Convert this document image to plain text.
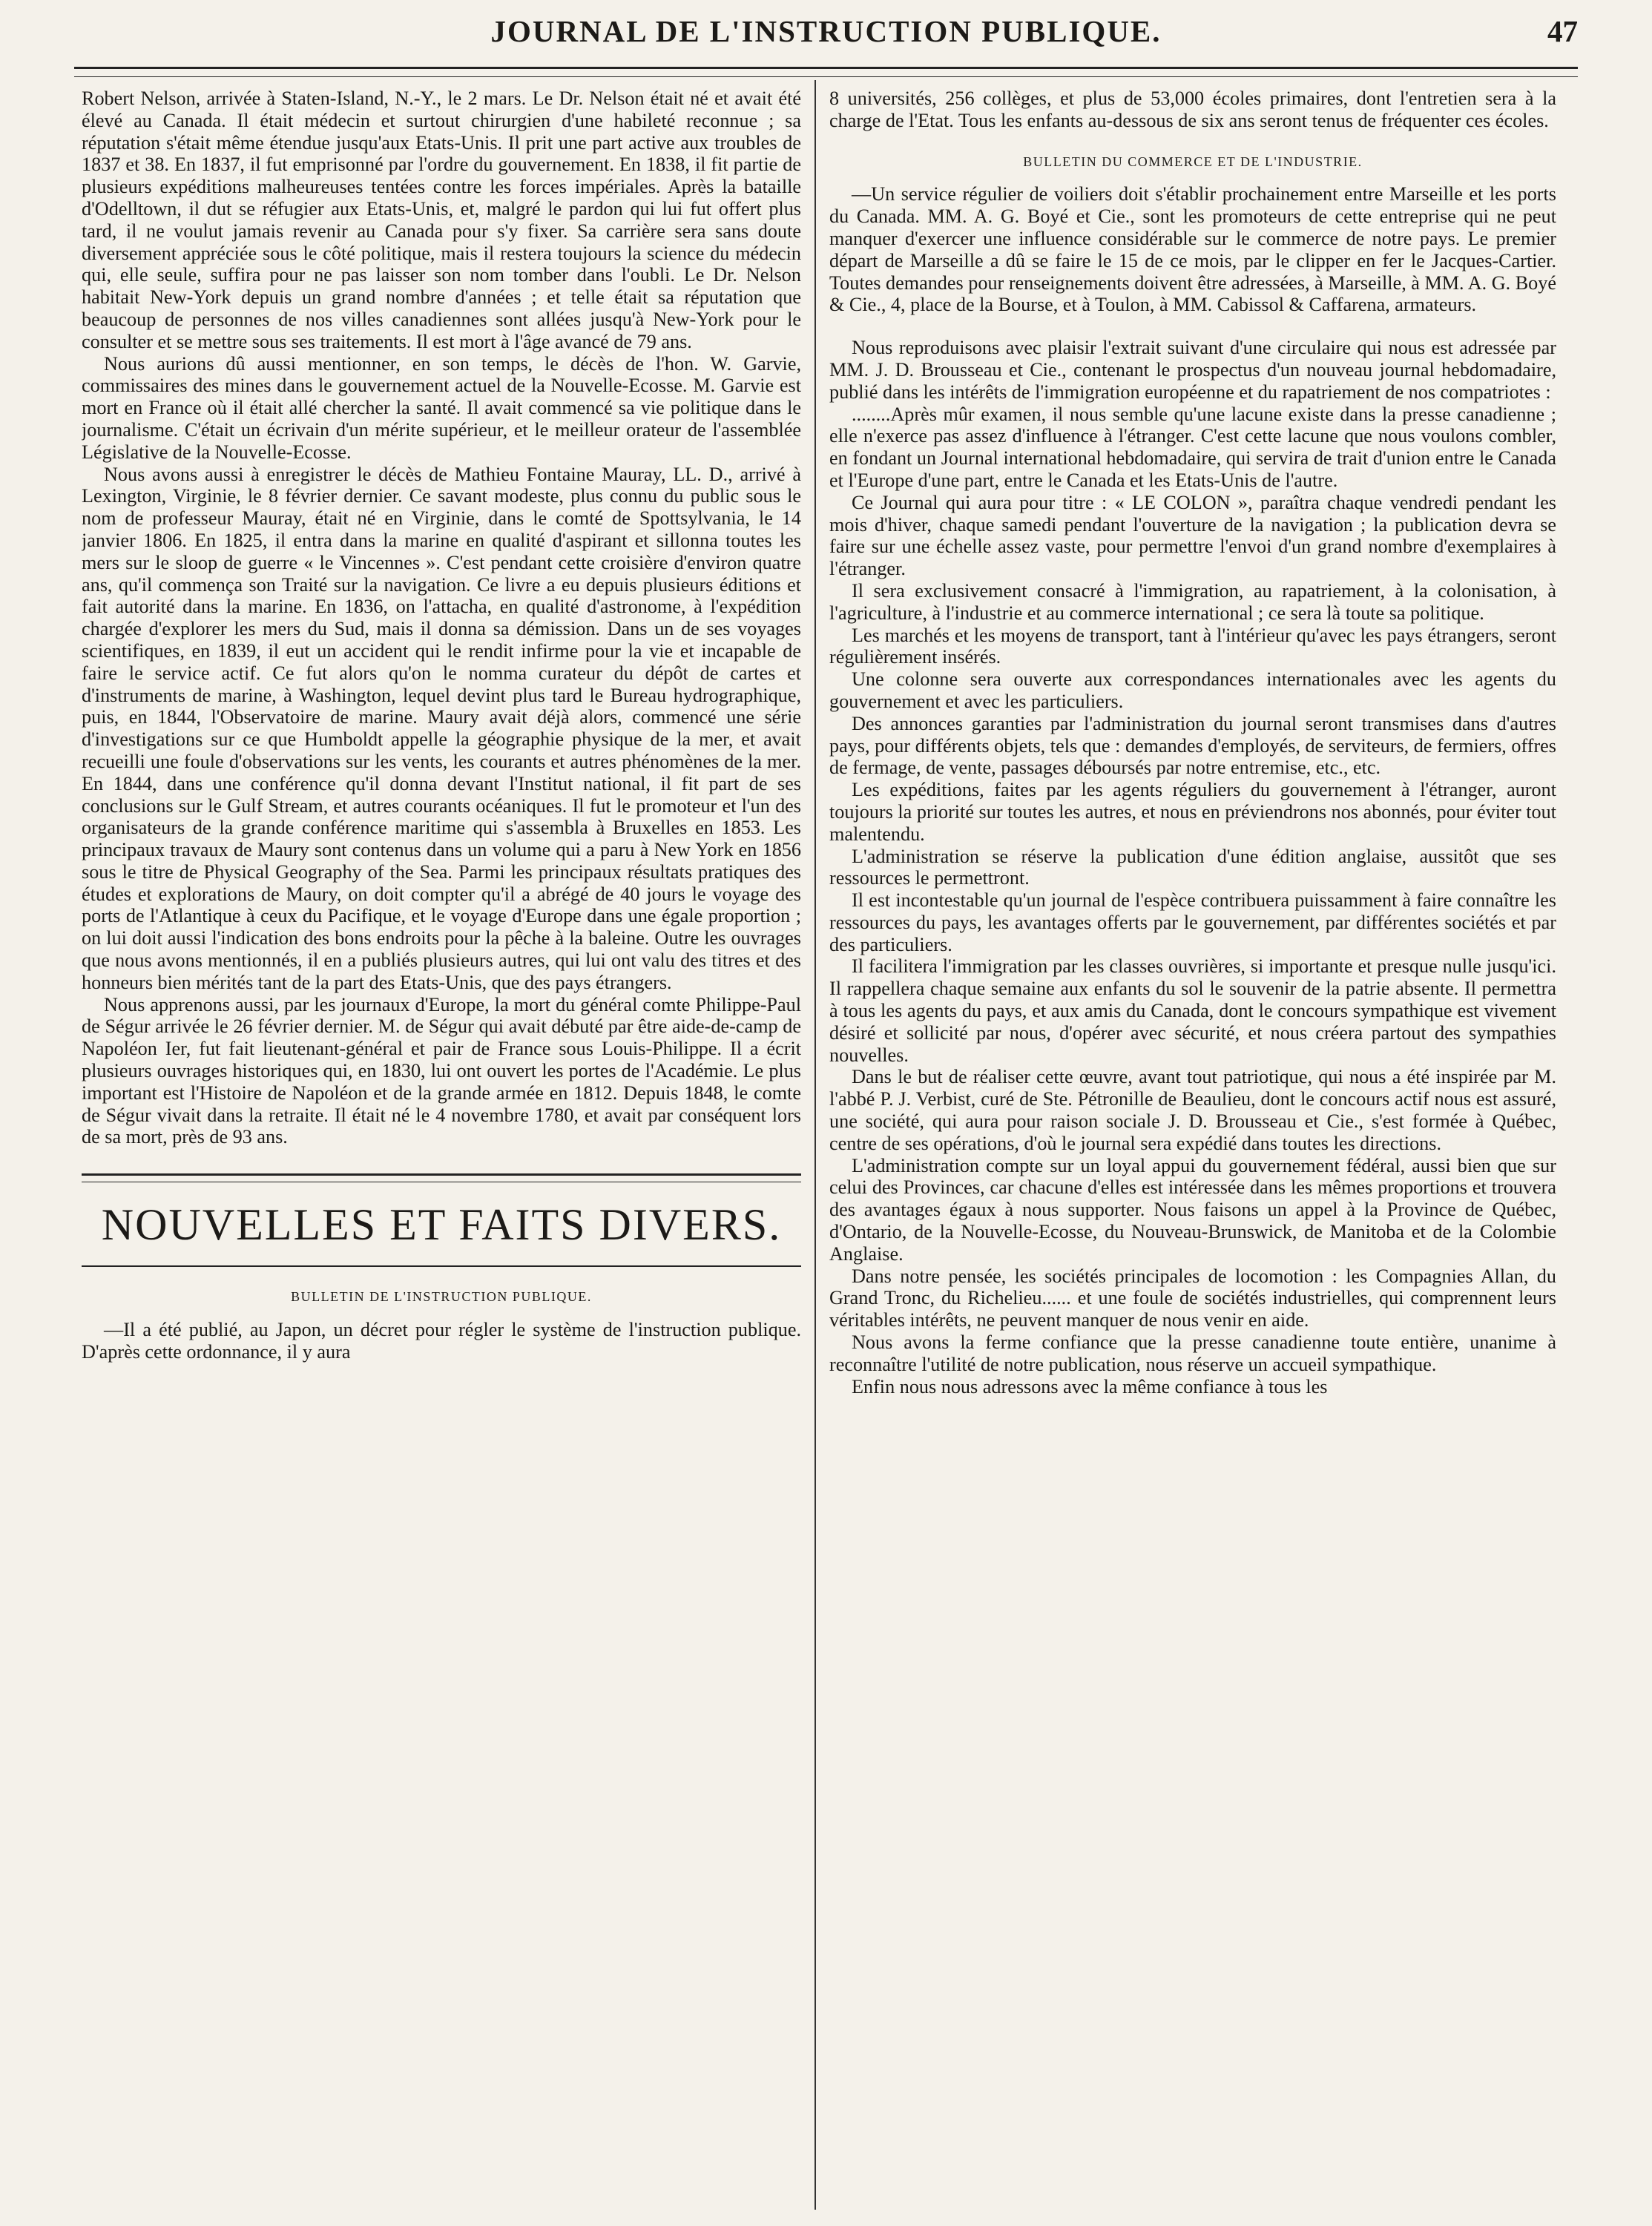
JOURNAL DE L'INSTRUCTION PUBLIQUE.	47

Robert Nelson, arrivée à Staten-Island, N.-Y., le 2 mars. Le Dr. Nelson était né et avait été élevé au Canada. Il était médecin et surtout chirurgien d'une habileté reconnue ; sa réputation s'était même étendue jusqu'aux Etats-Unis. Il prit une part active aux troubles de 1837 et 38. En 1837, il fut emprisonné par l'ordre du gouvernement. En 1838, il fit partie de plusieurs expéditions malheureuses tentées contre les forces impériales. Après la bataille d'Odelltown, il dut se réfugier aux Etats-Unis, et, malgré le pardon qui lui fut offert plus tard, il ne voulut jamais revenir au Canada pour s'y fixer. Sa carrière sera sans doute diversement appréciée sous le côté politique, mais il restera toujours la science du médecin qui, elle seule, suffira pour ne pas laisser son nom tomber dans l'oubli. Le Dr. Nelson habitait New-York depuis un grand nombre d'années ; et telle était sa réputation que beaucoup de personnes de nos villes canadiennes sont allées jusqu'à New-York pour le consulter et se mettre sous ses traitements. Il est mort à l'âge avancé de 79 ans.

Nous aurions dû aussi mentionner, en son temps, le décès de l'hon. W. Garvie, commissaires des mines dans le gouvernement actuel de la Nouvelle-Ecosse. M. Garvie est mort en France où il était allé chercher la santé. Il avait commencé sa vie politique dans le journalisme. C'était un écrivain d'un mérite supérieur, et le meilleur orateur de l'assemblée Législative de la Nouvelle-Ecosse.

Nous avons aussi à enregistrer le décès de Mathieu Fontaine Mauray, LL. D., arrivé à Lexington, Virginie, le 8 février dernier. Ce savant modeste, plus connu du public sous le nom de professeur Mauray, était né en Virginie, dans le comté de Spottsylvania, le 14 janvier 1806. En 1825, il entra dans la marine en qualité d'aspirant et sillonna toutes les mers sur le sloop de guerre « le Vincennes ». C'est pendant cette croisière d'environ quatre ans, qu'il commença son Traité sur la navigation. Ce livre a eu depuis plusieurs éditions et fait autorité dans la marine. En 1836, on l'attacha, en qualité d'astronome, à l'expédition chargée d'explorer les mers du Sud, mais il donna sa démission. Dans un de ses voyages scientifiques, en 1839, il eut un accident qui le rendit infirme pour la vie et incapable de faire le service actif. Ce fut alors qu'on le nomma curateur du dépôt de cartes et d'instruments de marine, à Washington, lequel devint plus tard le Bureau hydrographique, puis, en 1844, l'Observatoire de marine. Maury avait déjà alors, commencé une série d'investigations sur ce que Humboldt appelle la géographie physique de la mer, et avait recueilli une foule d'observations sur les vents, les courants et autres phénomènes de la mer. En 1844, dans une conférence qu'il donna devant l'Institut national, il fit part de ses conclusions sur le Gulf Stream, et autres courants océaniques. Il fut le promoteur et l'un des organisateurs de la grande conférence maritime qui s'assembla à Bruxelles en 1853. Les principaux travaux de Maury sont contenus dans un volume qui a paru à New York en 1856 sous le titre de Physical Geography of the Sea. Parmi les principaux résultats pratiques des études et explorations de Maury, on doit compter qu'il a abrégé de 40 jours le voyage des ports de l'Atlantique à ceux du Pacifique, et le voyage d'Europe dans une égale proportion ; on lui doit aussi l'indication des bons endroits pour la pêche à la baleine. Outre les ouvrages que nous avons mentionnés, il en a publiés plusieurs autres, qui lui ont valu des titres et des honneurs bien mérités tant de la part des Etats-Unis, que des pays étrangers.

Nous apprenons aussi, par les journaux d'Europe, la mort du général comte Philippe-Paul de Ségur arrivée le 26 février dernier. M. de Ségur qui avait débuté par être aide-de-camp de Napoléon Ier, fut fait lieutenant-général et pair de France sous Louis-Philippe. Il a écrit plusieurs ouvrages historiques qui, en 1830, lui ont ouvert les portes de l'Académie. Le plus important est l'Histoire de Napoléon et de la grande armée en 1812. Depuis 1848, le comte de Ségur vivait dans la retraite. Il était né le 4 novembre 1780, et avait par conséquent lors de sa mort, près de 93 ans.

NOUVELLES ET FAITS DIVERS.
BULLETIN DE L'INSTRUCTION PUBLIQUE.

—Il a été publié, au Japon, un décret pour régler le système de l'instruction publique. D'après cette ordonnance, il y aura

8 universités, 256 collèges, et plus de 53,000 écoles primaires, dont l'entretien sera à la charge de l'Etat. Tous les enfants au-dessous de six ans seront tenus de fréquenter ces écoles.

BULLETIN DU COMMERCE ET DE L'INDUSTRIE.

—Un service régulier de voiliers doit s'établir prochainement entre Marseille et les ports du Canada. MM. A. G. Boyé et Cie., sont les promoteurs de cette entreprise qui ne peut manquer d'exercer une influence considérable sur le commerce de notre pays. Le premier départ de Marseille a dû se faire le 15 de ce mois, par le clipper en fer le Jacques-Cartier. Toutes demandes pour renseignements doivent être adressées, à Marseille, à MM. A. G. Boyé & Cie., 4, place de la Bourse, et à Toulon, à MM. Cabissol & Caffarena, armateurs.

Nous reproduisons avec plaisir l'extrait suivant d'une circulaire qui nous est adressée par MM. J. D. Brousseau et Cie., contenant le prospectus d'un nouveau journal hebdomadaire, publié dans les intérêts de l'immigration européenne et du rapatriement de nos compatriotes :

........Après mûr examen, il nous semble qu'une lacune existe dans la presse canadienne ; elle n'exerce pas assez d'influence à l'étranger. C'est cette lacune que nous voulons combler, en fondant un Journal international hebdomadaire, qui servira de trait d'union entre le Canada et l'Europe d'une part, entre le Canada et les Etats-Unis de l'autre.

Ce Journal qui aura pour titre : « LE COLON », paraîtra chaque vendredi pendant les mois d'hiver, chaque samedi pendant l'ouverture de la navigation ; la publication devra se faire sur une échelle assez vaste, pour permettre l'envoi d'un grand nombre d'exemplaires à l'étranger.

Il sera exclusivement consacré à l'immigration, au rapatriement, à la colonisation, à l'agriculture, à l'industrie et au commerce international ; ce sera là toute sa politique.

Les marchés et les moyens de transport, tant à l'intérieur qu'avec les pays étrangers, seront régulièrement insérés.

Une colonne sera ouverte aux correspondances internationales avec les agents du gouvernement et avec les particuliers.

Des annonces garanties par l'administration du journal seront transmises dans d'autres pays, pour différents objets, tels que : demandes d'employés, de serviteurs, de fermiers, offres de fermage, de vente, passages déboursés par notre entremise, etc., etc.

Les expéditions, faites par les agents réguliers du gouvernement à l'étranger, auront toujours la priorité sur toutes les autres, et nous en préviendrons nos abonnés, pour éviter tout malentendu.

L'administration se réserve la publication d'une édition anglaise, aussitôt que ses ressources le permettront.

Il est incontestable qu'un journal de l'espèce contribuera puissamment à faire connaître les ressources du pays, les avantages offerts par le gouvernement, par différentes sociétés et par des particuliers.

Il facilitera l'immigration par les classes ouvrières, si importante et presque nulle jusqu'ici. Il rappellera chaque semaine aux enfants du sol le souvenir de la patrie absente. Il permettra à tous les agents du pays, et aux amis du Canada, dont le concours sympathique est vivement désiré et sollicité par nous, d'opérer avec sécurité, et nous créera partout des sympathies nouvelles.

Dans le but de réaliser cette œuvre, avant tout patriotique, qui nous a été inspirée par M. l'abbé P. J. Verbist, curé de Ste. Pétronille de Beaulieu, dont le concours actif nous est assuré, une société, qui aura pour raison sociale J. D. Brousseau et Cie., s'est formée à Québec, centre de ses opérations, d'où le journal sera expédié dans toutes les directions.

L'administration compte sur un loyal appui du gouvernement fédéral, aussi bien que sur celui des Provinces, car chacune d'elles est intéressée dans les mêmes proportions et trouvera des avantages égaux à nous supporter. Nous faisons un appel à la Province de Québec, d'Ontario, de la Nouvelle-Ecosse, du Nouveau-Brunswick, de Manitoba et de la Colombie Anglaise.

Dans notre pensée, les sociétés principales de locomotion : les Compagnies Allan, du Grand Tronc, du Richelieu...... et une foule de sociétés industrielles, qui comprennent leurs véritables intérêts, ne peuvent manquer de nous venir en aide.

Nous avons la ferme confiance que la presse canadienne toute entière, unanime à reconnaître l'utilité de notre publication, nous réserve un accueil sympathique.

Enfin nous nous adressons avec la même confiance à tous les
